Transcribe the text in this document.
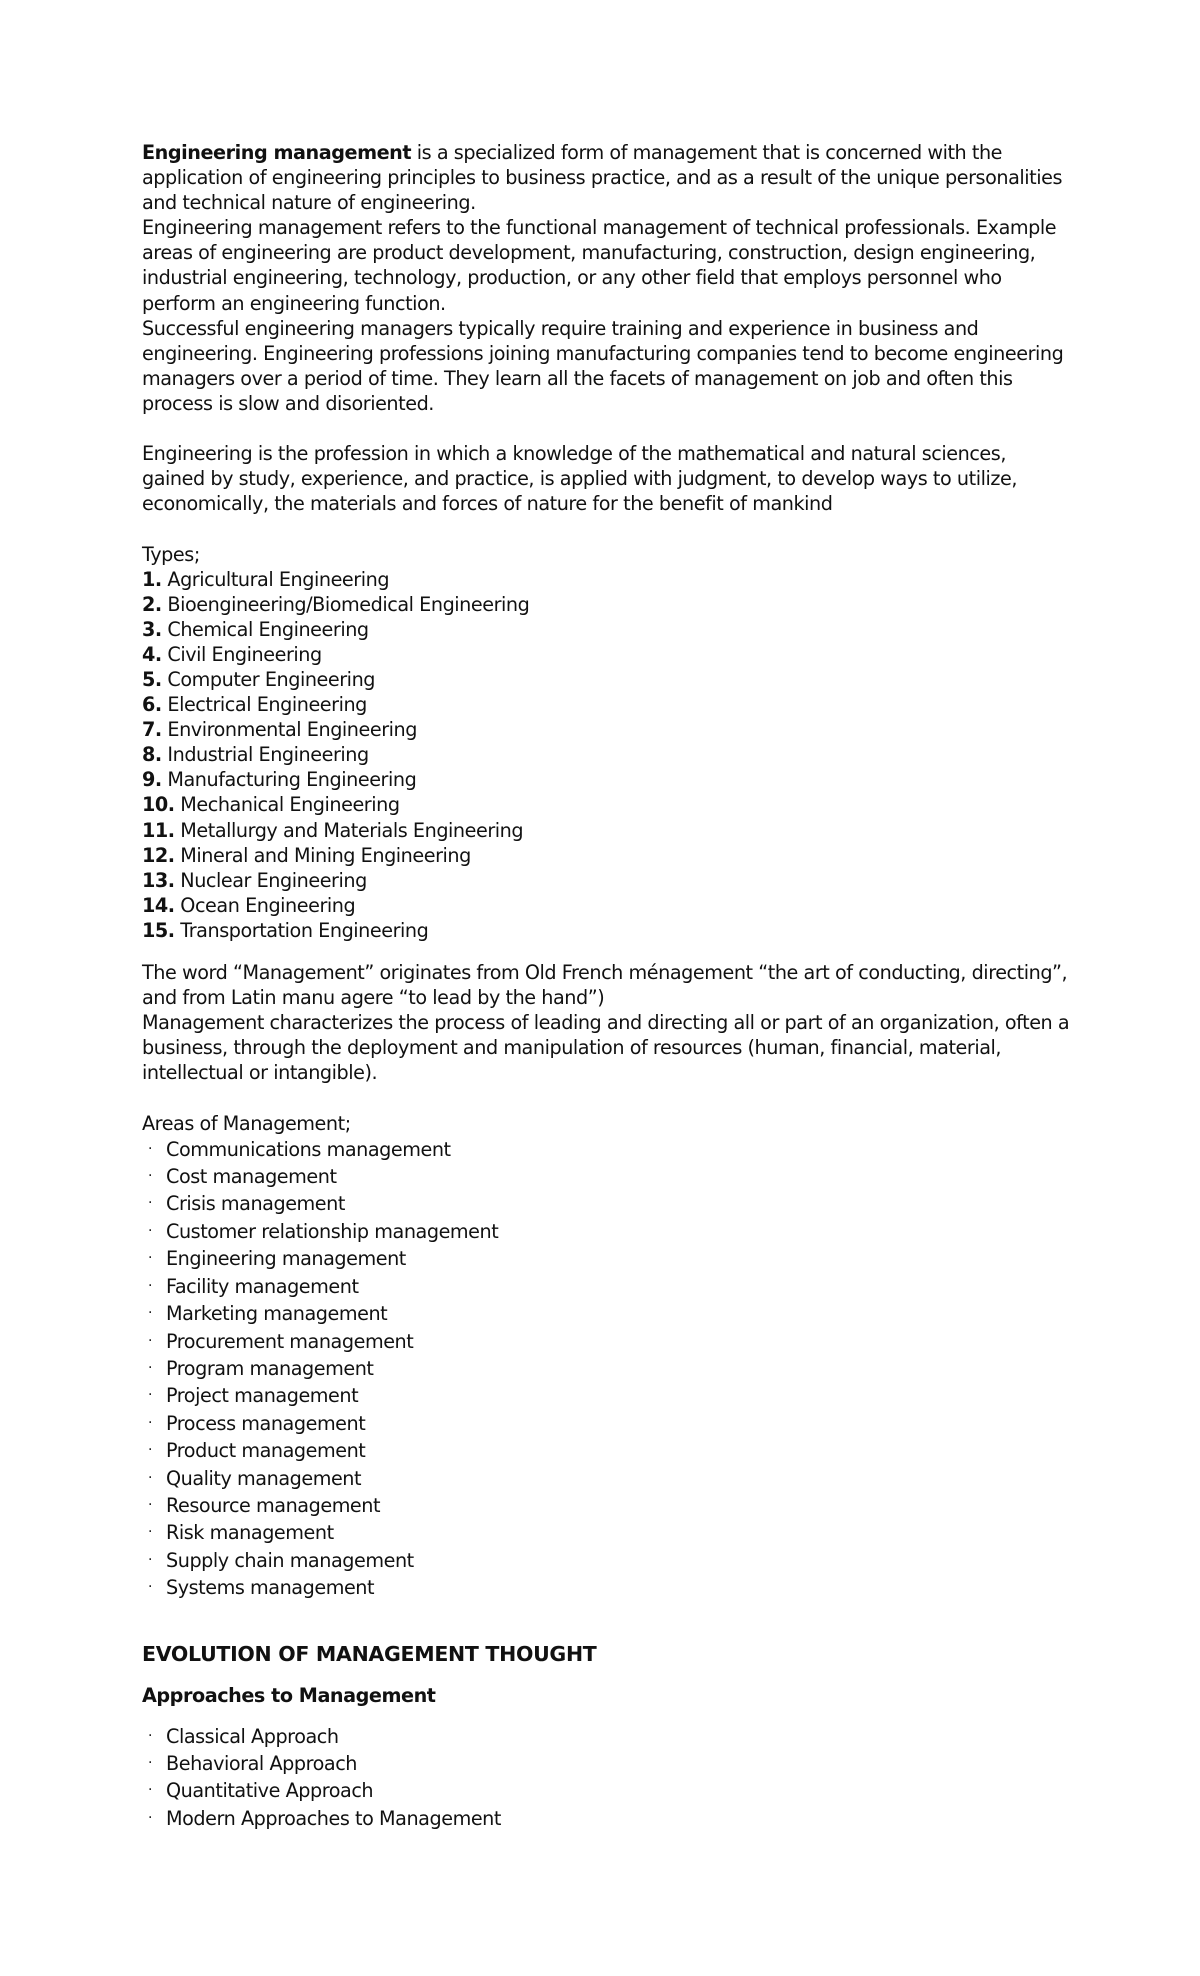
Engineering management is a specialized form of management that is concerned with the application of engineering principles to business practice, and as a result of the unique personalities and technical nature of engineering.

Engineering management refers to the functional management of technical professionals. Example areas of engineering are product development, manufacturing, construction, design engineering, industrial engineering, technology, production, or any other field that employs personnel who perform an engineering function.

Successful engineering managers typically require training and experience in business and engineering. Engineering professions joining manufacturing companies tend to become engineering managers over a period of time. They learn all the facets of management on job and often this process is slow and disoriented.

Engineering is the profession in which a knowledge of the mathematical and natural sciences, gained by study, experience, and practice, is applied with judgment, to develop ways to utilize, economically, the materials and forces of nature for the benefit of mankind

Types;

1. Agricultural Engineering
2. Bioengineering/Biomedical Engineering
3. Chemical Engineering
4. Civil Engineering
5. Computer Engineering
6. Electrical Engineering
7. Environmental Engineering
8. Industrial Engineering
9. Manufacturing Engineering
10. Mechanical Engineering
11. Metallurgy and Materials Engineering
12. Mineral and Mining Engineering
13. Nuclear Engineering
14. Ocean Engineering
15. Transportation Engineering

The word “Management” originates from Old French ménagement “the art of conducting, directing”, and from Latin manu agere “to lead by the hand”)

Management characterizes the process of leading and directing all or part of an organization, often a business, through the deployment and manipulation of resources (human, financial, material, intellectual or intangible).

Areas of Management;

· Communications management
· Cost management
· Crisis management
· Customer relationship management
· Engineering management
· Facility management
· Marketing management
· Procurement management
· Program management
· Project management
· Process management
· Product management
· Quality management
· Resource management
· Risk management
· Supply chain management
· Systems management
EVOLUTION OF MANAGEMENT THOUGHT
Approaches to Management
· Classical Approach
· Behavioral Approach
· Quantitative Approach
· Modern Approaches to Management
